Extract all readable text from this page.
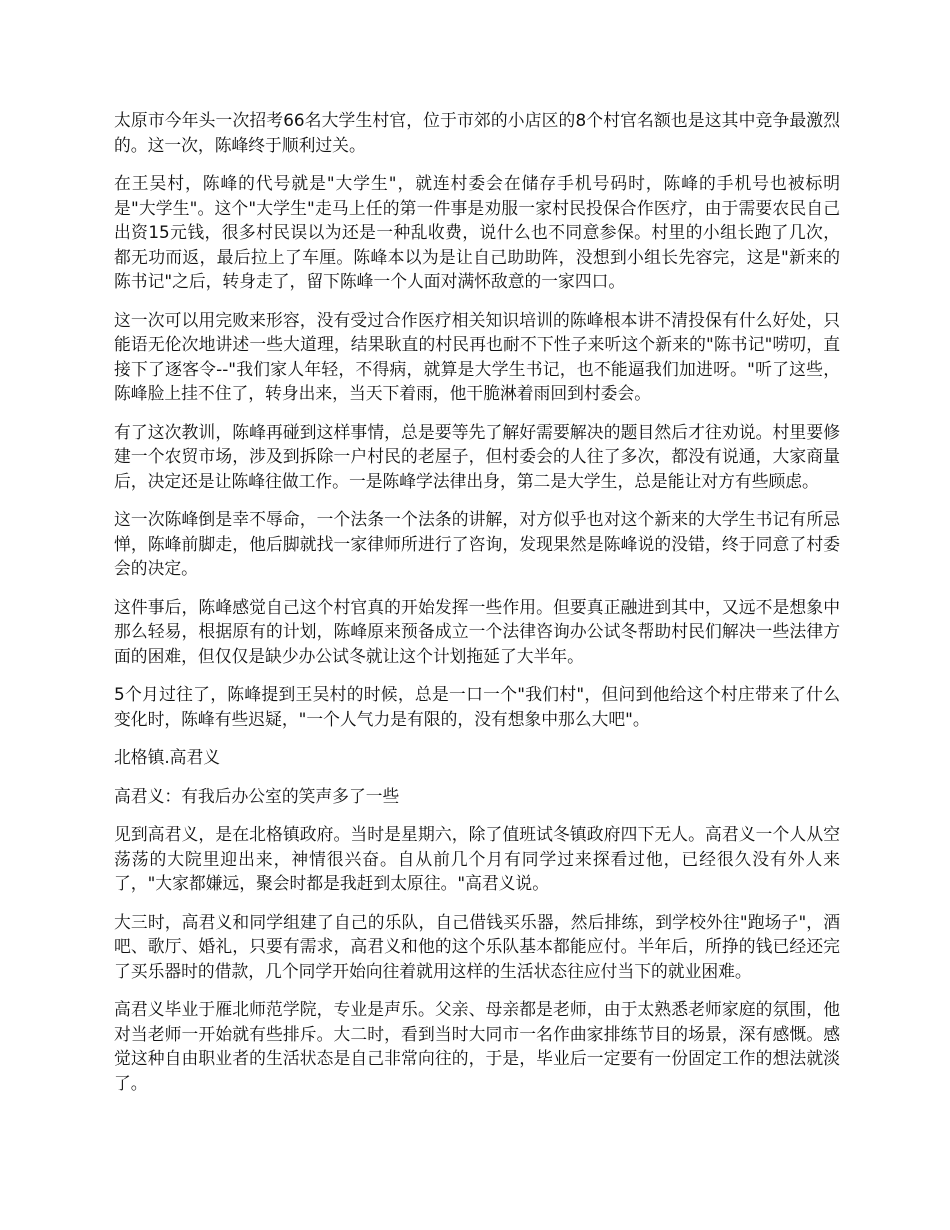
太原市今年头一次招考66名大学生村官，位于市郊的小店区的8个村官名额也是这其中竞争最激烈的。这一次，陈峰终于顺利过关。

在王吴村，陈峰的代号就是"大学生"，就连村委会在储存手机号码时，陈峰的手机号也被标明是"大学生"。这个"大学生"走马上任的第一件事是劝服一家村民投保合作医疗，由于需要农民自己出资15元钱，很多村民误以为还是一种乱收费，说什么也不同意参保。村里的小组长跑了几次，都无功而返，最后拉上了车厘。陈峰本以为是让自己助助阵，没想到小组长先容完，这是"新来的陈书记"之后，转身走了，留下陈峰一个人面对满怀敌意的一家四口。

这一次可以用完败来形容，没有受过合作医疗相关知识培训的陈峰根本讲不清投保有什么好处，只能语无伦次地讲述一些大道理，结果耿直的村民再也耐不下性子来听这个新来的"陈书记"唠叨，直接下了逐客令--"我们家人年轻，不得病，就算是大学生书记，也不能逼我们加进呀。"听了这些，陈峰脸上挂不住了，转身出来，当天下着雨，他干脆淋着雨回到村委会。

有了这次教训，陈峰再碰到这样事情，总是要等先了解好需要解决的题目然后才往劝说。村里要修建一个农贸市场，涉及到拆除一户村民的老屋子，但村委会的人往了多次，都没有说通，大家商量后，决定还是让陈峰往做工作。一是陈峰学法律出身，第二是大学生，总是能让对方有些顾虑。

这一次陈峰倒是幸不辱命，一个法条一个法条的讲解，对方似乎也对这个新来的大学生书记有所忌惮，陈峰前脚走，他后脚就找一家律师所进行了咨询，发现果然是陈峰说的没错，终于同意了村委会的决定。

这件事后，陈峰感觉自己这个村官真的开始发挥一些作用。但要真正融进到其中，又远不是想象中那么轻易，根据原有的计划，陈峰原来预备成立一个法律咨询办公试冬帮助村民们解决一些法律方面的困难，但仅仅是缺少办公试冬就让这个计划拖延了大半年。

5个月过往了，陈峰提到王吴村的时候，总是一口一个"我们村"，但问到他给这个村庄带来了什么变化时，陈峰有些迟疑，"一个人气力是有限的，没有想象中那么大吧"。

北格镇.高君义

高君义：有我后办公室的笑声多了一些

见到高君义，是在北格镇政府。当时是星期六，除了值班试冬镇政府四下无人。高君义一个人从空荡荡的大院里迎出来，神情很兴奋。自从前几个月有同学过来探看过他，已经很久没有外人来了，"大家都嫌远，聚会时都是我赶到太原往。"高君义说。

大三时，高君义和同学组建了自己的乐队，自己借钱买乐器，然后排练，到学校外往"跑场子"，酒吧、歌厅、婚礼，只要有需求，高君义和他的这个乐队基本都能应付。半年后，所挣的钱已经还完了买乐器时的借款，几个同学开始向往着就用这样的生活状态往应付当下的就业困难。

高君义毕业于雁北师范学院，专业是声乐。父亲、母亲都是老师，由于太熟悉老师家庭的氛围，他对当老师一开始就有些排斥。大二时，看到当时大同市一名作曲家排练节目的场景，深有感慨。感觉这种自由职业者的生活状态是自己非常向往的，于是，毕业后一定要有一份固定工作的想法就淡了。
